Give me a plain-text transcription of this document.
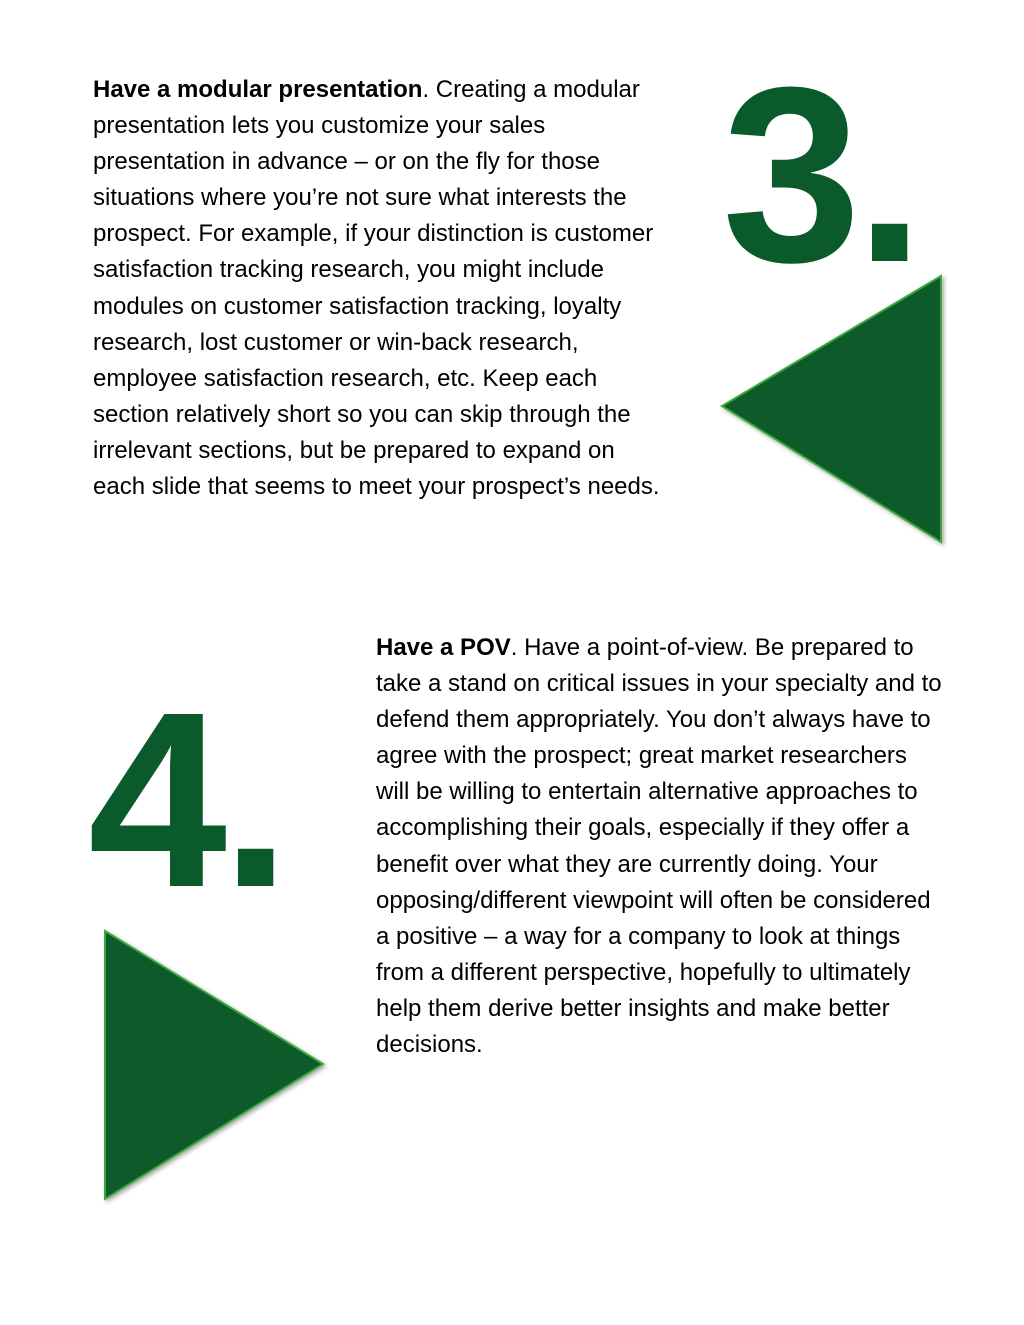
Have a modular presentation. Creating a modular presentation lets you customize your sales presentation in advance – or on the fly for those situations where you’re not sure what interests the prospect. For example, if your distinction is customer satisfaction tracking research, you might include modules on customer satisfaction tracking, loyalty research, lost customer or win-back research, employee satisfaction research, etc. Keep each section relatively short so you can skip through the irrelevant sections, but be prepared to expand on each slide that seems to meet your prospect’s needs.

3.
4.

Have a POV. Have a point-of-view. Be prepared to take a stand on critical issues in your specialty and to defend them appropriately. You don’t always have to agree with the prospect; great market researchers will be willing to entertain alternative approaches to accomplishing their goals, especially if they offer a benefit over what they are currently doing. Your opposing/different viewpoint will often be considered a positive – a way for a company to look at things from a different perspective, hopefully to ultimately help them derive better insights and make better decisions.
